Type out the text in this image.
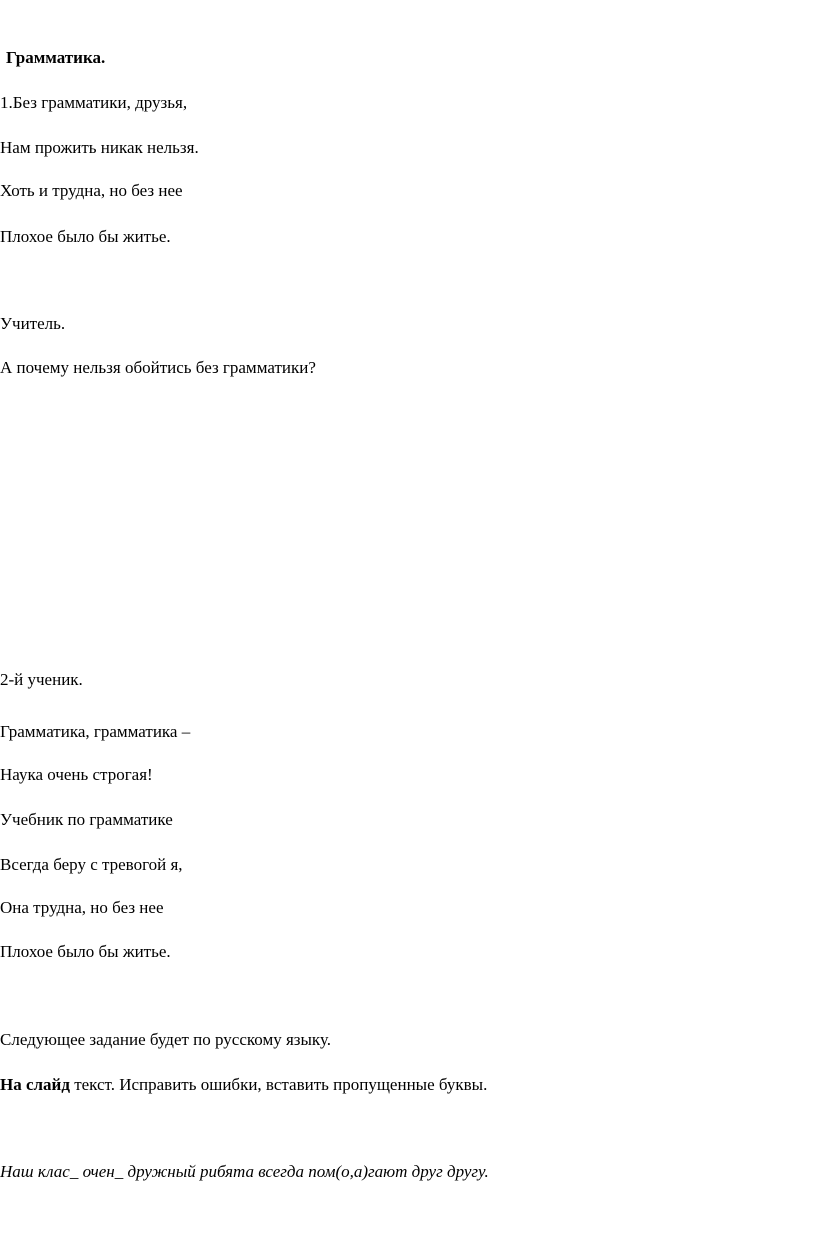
Грамматика.
1.Без грамматики, друзья,
Нам прожить никак нельзя.
Хоть и трудна, но без нее
Плохое было бы житье.
Учитель.
А почему нельзя обойтись без грамматики?
2-й ученик.
Грамматика, грамматика –
Наука очень строгая!
Учебник по грамматике
Всегда беру с тревогой я,
Она трудна, но без нее
Плохое было бы житье.
Следующее задание будет по русскому языку.
На слайд текст. Исправить ошибки, вставить пропущенные буквы.
Наш клас_ очен_ дружный рибята всегда пом(о,а)гают друг другу.
